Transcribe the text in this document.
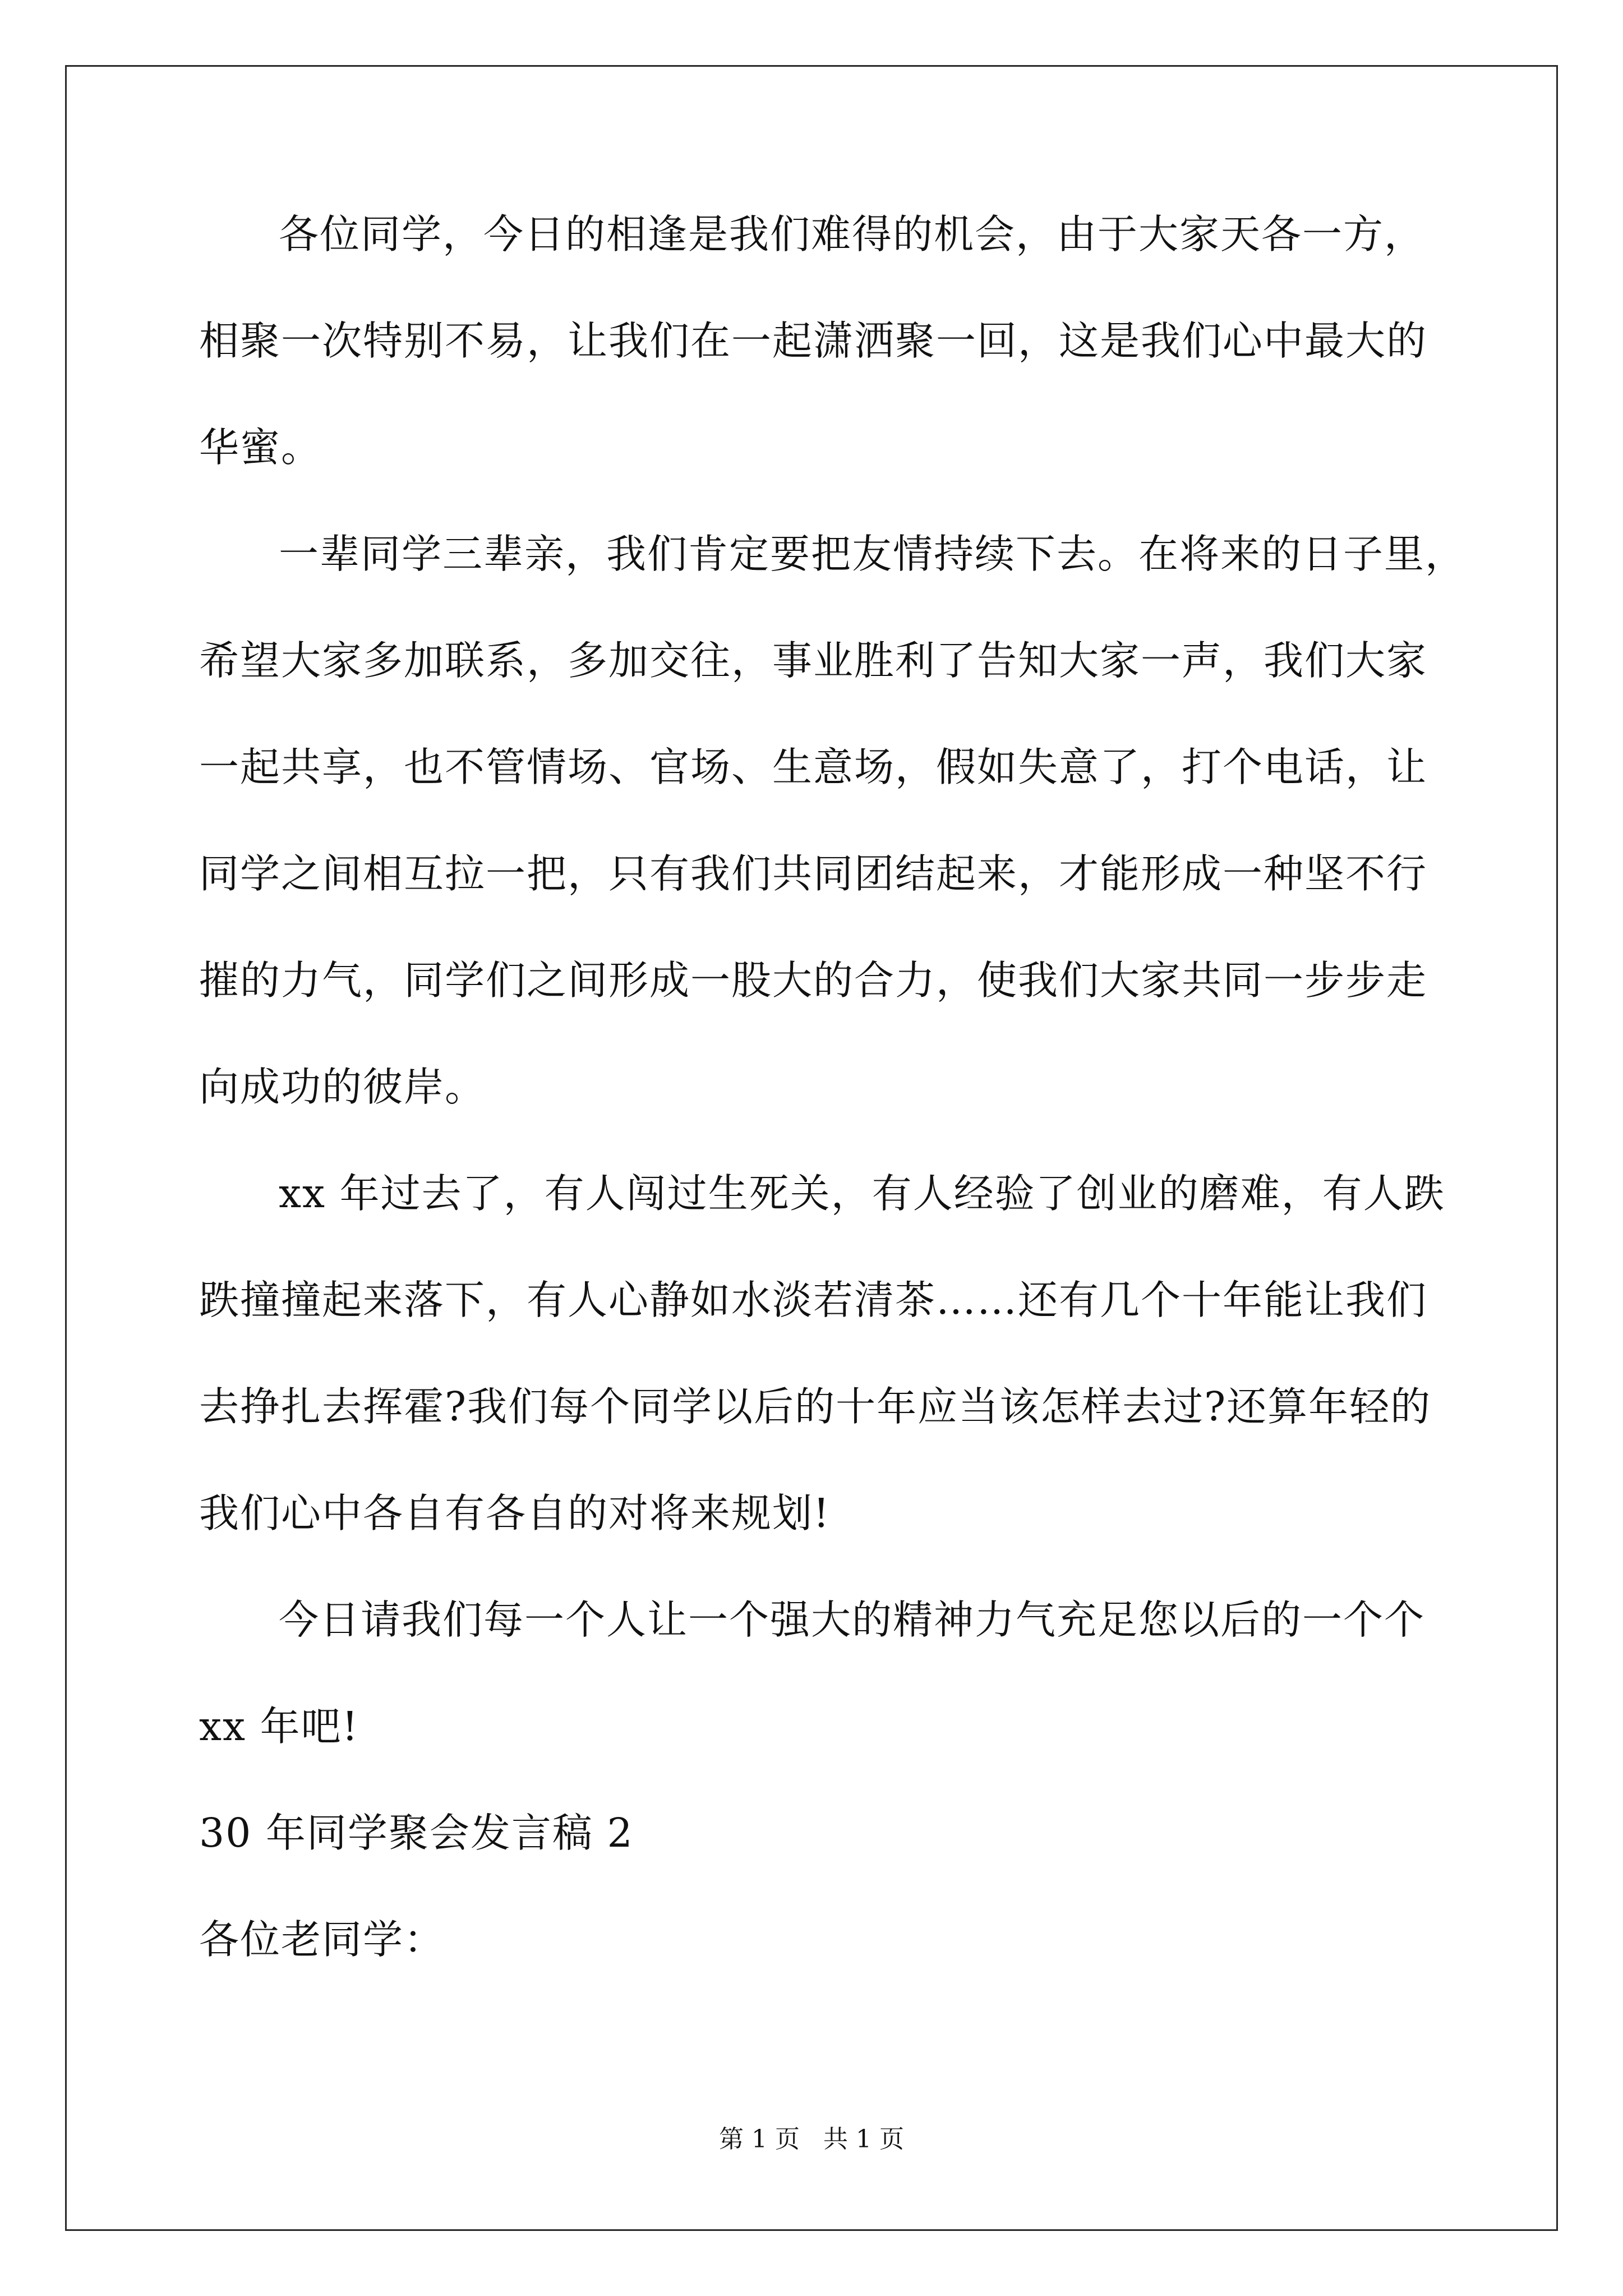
各位同学，今日的相逢是我们难得的机会，由于大家天各一方，
相聚一次特别不易，让我们在一起潇洒聚一回，这是我们心中最大的
华蜜。
一辈同学三辈亲，我们肯定要把友情持续下去。在将来的日子里，
希望大家多加联系，多加交往，事业胜利了告知大家一声，我们大家
一起共享，也不管情场、官场、生意场，假如失意了，打个电话，让
同学之间相互拉一把，只有我们共同团结起来，才能形成一种坚不行
摧的力气，同学们之间形成一股大的合力，使我们大家共同一步步走
向成功的彼岸。
xx 年过去了，有人闯过生死关，有人经验了创业的磨难，有人跌
跌撞撞起来落下，有人心静如水淡若清茶……还有几个十年能让我们
去挣扎去挥霍?我们每个同学以后的十年应当该怎样去过?还算年轻的
我们心中各自有各自的对将来规划!
今日请我们每一个人让一个强大的精神力气充足您以后的一个个
xx 年吧!
30 年同学聚会发言稿 2
各位老同学：
第 1 页   共 1 页
